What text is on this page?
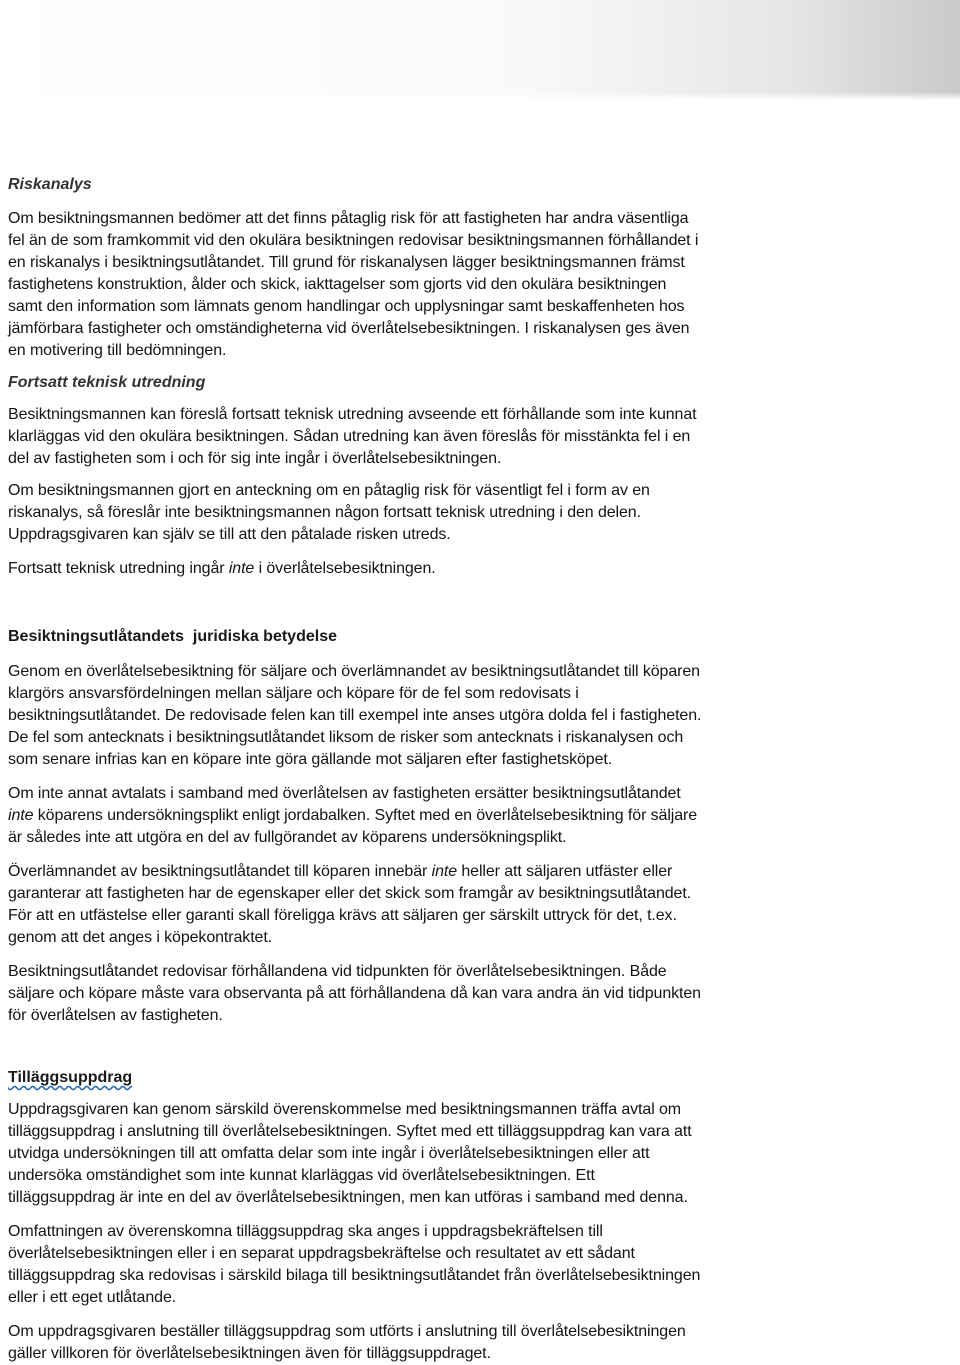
Riskanalys

Om besiktningsmannen bedömer att det finns påtaglig risk för att fastigheten har andra väsentliga
fel än de som framkommit vid den okulära besiktningen redovisar besiktningsmannen förhållandet i
en riskanalys i besiktningsutlåtandet. Till grund för riskanalysen lägger besiktningsmannen främst
fastighetens konstruktion, ålder och skick, iakttagelser som gjorts vid den okulära besiktningen
samt den information som lämnats genom handlingar och upplysningar samt beskaffenheten hos
jämförbara fastigheter och omständigheterna vid överlåtelsebesiktningen. I riskanalysen ges även
en motivering till bedömningen.

Fortsatt teknisk utredning

Besiktningsmannen kan föreslå fortsatt teknisk utredning avseende ett förhållande som inte kunnat
klarläggas vid den okulära besiktningen. Sådan utredning kan även föreslås för misstänkta fel i en
del av fastigheten som i och för sig inte ingår i överlåtelsebesiktningen.

Om besiktningsmannen gjort en anteckning om en påtaglig risk för väsentligt fel i form av en
riskanalys, så föreslår inte besiktningsmannen någon fortsatt teknisk utredning i den delen.
Uppdragsgivaren kan själv se till att den påtalade risken utreds.

Fortsatt teknisk utredning ingår inte i överlåtelsebesiktningen.

Besiktningsutlåtandets  juridiska betydelse

Genom en överlåtelsebesiktning för säljare och överlämnandet av besiktningsutlåtandet till köparen
klargörs ansvarsfördelningen mellan säljare och köpare för de fel som redovisats i
besiktningsutlåtandet. De redovisade felen kan till exempel inte anses utgöra dolda fel i fastigheten.
De fel som antecknats i besiktningsutlåtandet liksom de risker som antecknats i riskanalysen och
som senare infrias kan en köpare inte göra gällande mot säljaren efter fastighetsköpet.

Om inte annat avtalats i samband med överlåtelsen av fastigheten ersätter besiktningsutlåtandet
inte köparens undersökningsplikt enligt jordabalken. Syftet med en överlåtelsebesiktning för säljare
är således inte att utgöra en del av fullgörandet av köparens undersökningsplikt.

Överlämnandet av besiktningsutlåtandet till köparen innebär inte heller att säljaren utfäster eller
garanterar att fastigheten har de egenskaper eller det skick som framgår av besiktningsutlåtandet.
För att en utfästelse eller garanti skall föreligga krävs att säljaren ger särskilt uttryck för det, t.ex.
genom att det anges i köpekontraktet.

Besiktningsutlåtandet redovisar förhållandena vid tidpunkten för överlåtelsebesiktningen. Både
säljare och köpare måste vara observanta på att förhållandena då kan vara andra än vid tidpunkten
för överlåtelsen av fastigheten.

Tilläggsuppdrag

Uppdragsgivaren kan genom särskild överenskommelse med besiktningsmannen träffa avtal om
tilläggsuppdrag i anslutning till överlåtelsebesiktningen. Syftet med ett tilläggsuppdrag kan vara att
utvidga undersökningen till att omfatta delar som inte ingår i överlåtelsebesiktningen eller att
undersöka omständighet som inte kunnat klarläggas vid överlåtelsebesiktningen. Ett
tilläggsuppdrag är inte en del av överlåtelsebesiktningen, men kan utföras i samband med denna.

Omfattningen av överenskomna tilläggsuppdrag ska anges i uppdragsbekräftelsen till
överlåtelsebesiktningen eller i en separat uppdragsbekräftelse och resultatet av ett sådant
tilläggsuppdrag ska redovisas i särskild bilaga till besiktningsutlåtandet från överlåtelsebesiktningen
eller i ett eget utlåtande.

Om uppdragsgivaren beställer tilläggsuppdrag som utförts i anslutning till överlåtelsebesiktningen
gäller villkoren för överlåtelsebesiktningen även för tilläggsuppdraget.
